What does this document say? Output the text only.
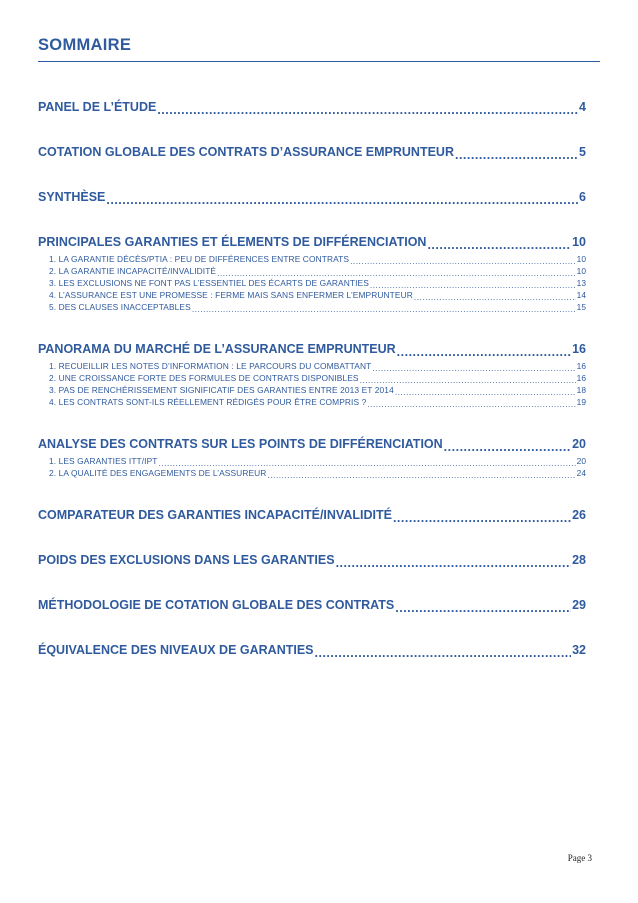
SOMMAIRE
PANEL DE L’ÉTUDE .....	4
COTATION GLOBALE DES CONTRATS D’ASSURANCE EMPRUNTEUR .....	5
SYNTHÈSE .....	6
PRINCIPALES GARANTIES ET ÉLEMENTS DE DIFFÉRENCIATION .....	10
1. LA GARANTIE DÉCÈS/PTIA : PEU DE DIFFÉRENCES ENTRE CONTRATS .....	10
2. LA GARANTIE INCAPACITÉ/INVALIDITÉ .....	10
3. LES EXCLUSIONS NE FONT PAS L’ESSENTIEL DES ÉCARTS DE GARANTIES .....	13
4. L’ASSURANCE EST UNE PROMESSE : FERME MAIS SANS ENFERMER L’EMPRUNTEUR .....	14
5. DES CLAUSES INACCEPTABLES .....	15
PANORAMA DU MARCHÉ DE L’ASSURANCE EMPRUNTEUR .....	16
1. RECUEILLIR LES NOTES D’INFORMATION : LE PARCOURS DU COMBATTANT .....	16
2. UNE CROISSANCE FORTE DES FORMULES DE CONTRATS DISPONIBLES .....	16
3. PAS DE RENCHÉRISSEMENT SIGNIFICATIF DES GARANTIES ENTRE 2013 ET 2014 .....	18
4. LES CONTRATS SONT-ILS RÉELLEMENT RÉDIGÉS POUR ÊTRE COMPRIS ? .....	19
ANALYSE DES CONTRATS SUR LES POINTS DE DIFFÉRENCIATION .....	20
1. LES GARANTIES ITT/IPT .....	20
2. LA QUALITÉ DES ENGAGEMENTS DE L’ASSUREUR .....	24
COMPARATEUR DES GARANTIES INCAPACITÉ/INVALIDITÉ .....	26
POIDS DES EXCLUSIONS DANS LES GARANTIES .....	28
MÉTHODOLOGIE DE COTATION GLOBALE DES CONTRATS .....	29
ÉQUIVALENCE DES NIVEAUX DE GARANTIES .....	32
Page 3
